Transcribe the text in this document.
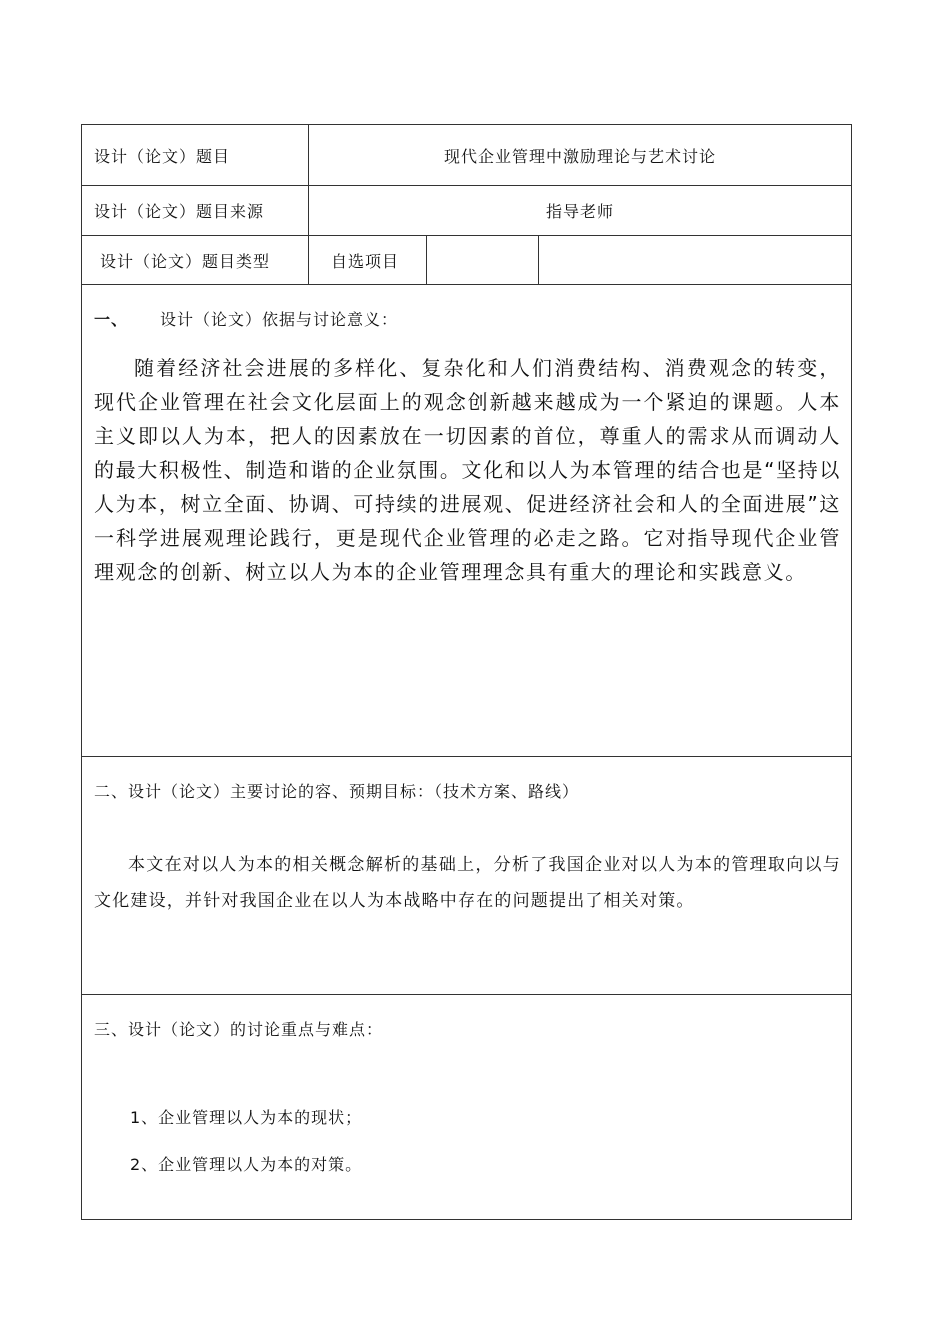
设计（论文）题目	现代企业管理中激励理论与艺术讨论
设计（论文）题目来源	指导老师
设计（论文）题目类型	自选项目
一、 设计（论文）依据与讨论意义：

随着经济社会进展的多样化、复杂化和人们消费结构、消费观念的转变，现代企业管理在社会文化层面上的观念创新越来越成为一个紧迫的课题。人本主义即以人为本，把人的因素放在一切因素的首位，尊重人的需求从而调动人的最大积极性、制造和谐的企业氛围。文化和以人为本管理的结合也是“坚持以人为本，树立全面、协调、可持续的进展观、促进经济社会和人的全面进展”这一科学进展观理论践行，更是现代企业管理的必走之路。它对指导现代企业管理观念的创新、树立以人为本的企业管理理念具有重大的理论和实践意义。

二、设计（论文）主要讨论的容、预期目标：（技术方案、路线）

本文在对以人为本的相关概念解析的基础上，分析了我国企业对以人为本的管理取向以与文化建设，并针对我国企业在以人为本战略中存在的问题提出了相关对策。

三、设计（论文）的讨论重点与难点：
1、企业管理以人为本的现状；
2、企业管理以人为本的对策。
